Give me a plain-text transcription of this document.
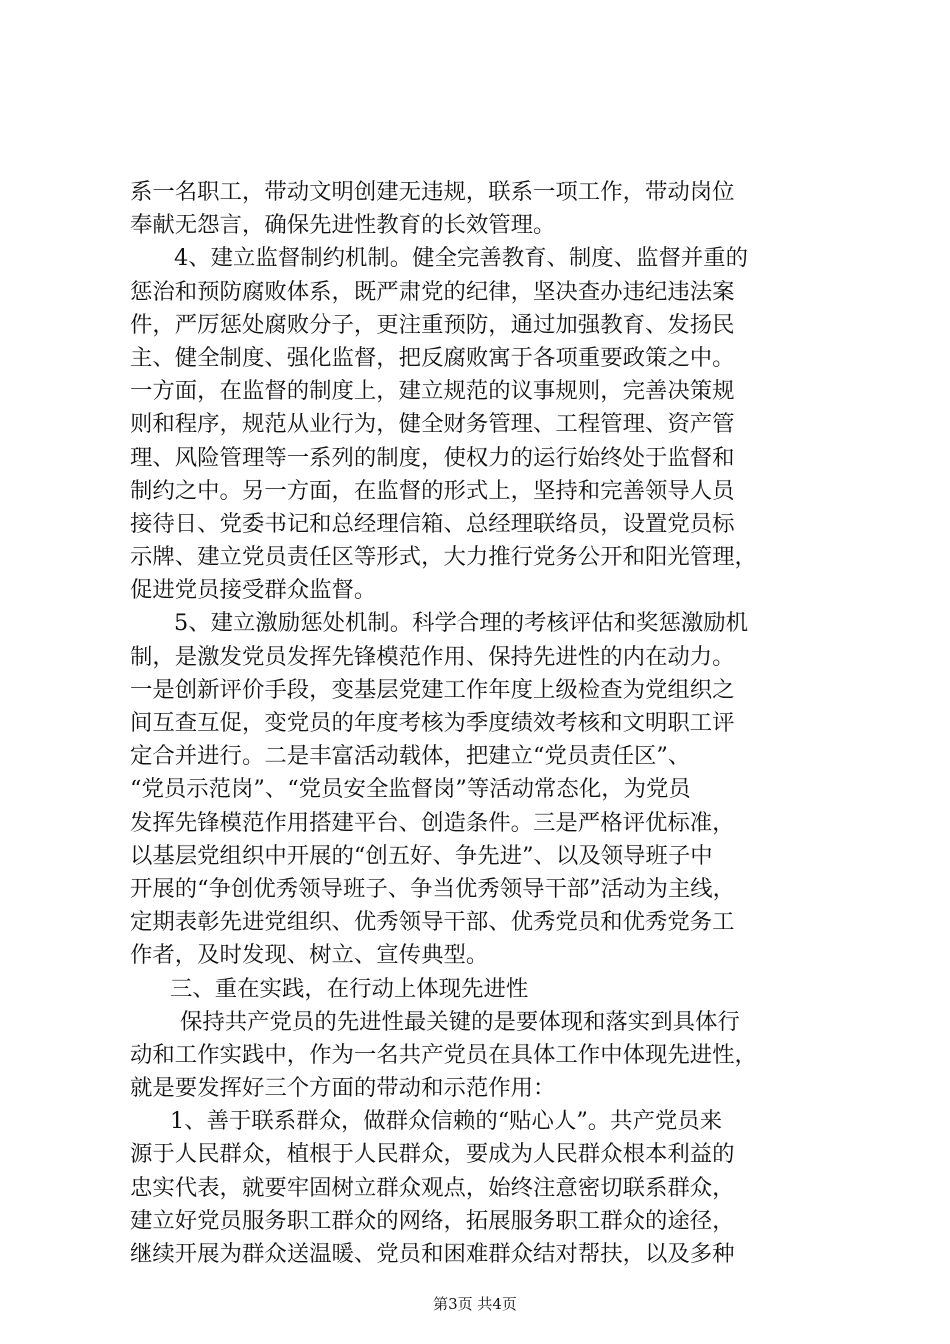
系一名职工，带动文明创建无违规，联系一项工作，带动岗位
奉献无怨言，确保先进性教育的长效管理。
4、建立监督制约机制。健全完善教育、制度、监督并重的
惩治和预防腐败体系，既严肃党的纪律，坚决查办违纪违法案
件，严厉惩处腐败分子，更注重预防，通过加强教育、发扬民
主、健全制度、强化监督，把反腐败寓于各项重要政策之中。
一方面，在监督的制度上，建立规范的议事规则，完善决策规
则和程序，规范从业行为，健全财务管理、工程管理、资产管
理、风险管理等一系列的制度，使权力的运行始终处于监督和
制约之中。另一方面，在监督的形式上，坚持和完善领导人员
接待日、党委书记和总经理信箱、总经理联络员，设置党员标
示牌、建立党员责任区等形式，大力推行党务公开和阳光管理，
促进党员接受群众监督。
5、建立激励惩处机制。科学合理的考核评估和奖惩激励机
制，是激发党员发挥先锋模范作用、保持先进性的内在动力。
一是创新评价手段，变基层党建工作年度上级检查为党组织之
间互查互促，变党员的年度考核为季度绩效考核和文明职工评
定合并进行。二是丰富活动载体，把建立“党员责任区”、
“党员示范岗”、“党员安全监督岗”等活动常态化，为党员
发挥先锋模范作用搭建平台、创造条件。三是严格评优标准，
以基层党组织中开展的“创五好、争先进”、以及领导班子中
开展的“争创优秀领导班子、争当优秀领导干部”活动为主线，
定期表彰先进党组织、优秀领导干部、优秀党员和优秀党务工
作者，及时发现、树立、宣传典型。
三、重在实践，在行动上体现先进性
保持共产党员的先进性最关键的是要体现和落实到具体行
动和工作实践中，作为一名共产党员在具体工作中体现先进性，
就是要发挥好三个方面的带动和示范作用：
1、善于联系群众，做群众信赖的“贴心人”。共产党员来
源于人民群众，植根于人民群众，要成为人民群众根本利益的
忠实代表，就要牢固树立群众观点，始终注意密切联系群众，
建立好党员服务职工群众的网络，拓展服务职工群众的途径，
继续开展为群众送温暖、党员和困难群众结对帮扶，以及多种
第3页 共4页
